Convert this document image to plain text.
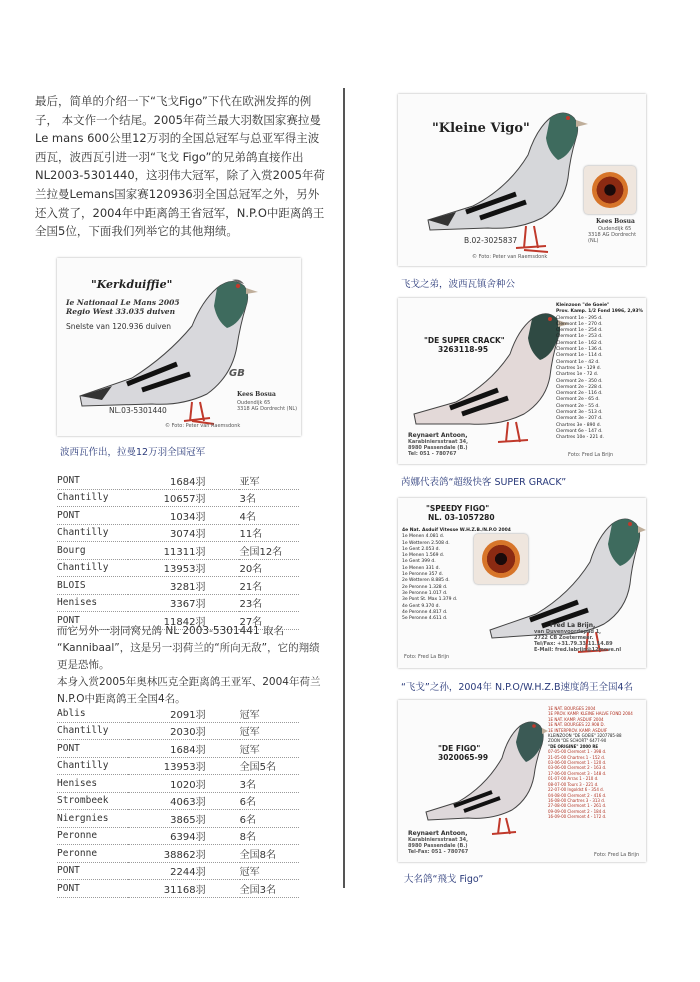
最后，简单的介绍一下“飞戈Figo”下代在欧洲发挥的例子， 本文作一个结尾。2005年荷兰最大羽数国家赛拉曼 Le mans 600公里12万羽的全国总冠军与总亚军得主波西瓦，波西瓦引进一羽“飞戈 Figo”的兄弟鸽直接作出 NL2003-5301440，这羽伟大冠军，除了入赏2005年荷兰拉曼Lemans国家赛120936羽全国总冠军之外，另外还入赏了，2004年中距离鸽王省冠军，N.P.O中距离鸽王全国5位，下面我们列举它的其他翔绩。
"Kerkduiffie"
Ie Nationaal Le Mans 2005
Regio West 33.035 duiven
Snelste van 120.936 duiven
GB
NL.03-5301440
Kees Bosua
Oudendijk 65
3318 AG Dordrecht (NL)
© Foto: Peter van Raemsdonk
波西瓦作出，拉曼12万羽全国冠军
PONT	1684羽	亚军
Chantilly	10657羽	3名
PONT	1034羽	4名
Chantilly	3074羽	11名
Bourg	11311羽	全国12名
Chantilly	13953羽	20名
BLOIS	3281羽	21名
Henises	3367羽	23名
PONT	11842羽	27名
而它另外一羽同窝兄鸽 NL 2003-5301441 取名 “Kannibaal”，这是另一羽荷兰的“所向无敌”，它的翔绩更是恐怖。
本身入赏2005年奥林匹克全距离鸽王亚军、2004年荷兰N.P.O中距离鸽王全国4名。
Ablis	2091羽	冠军
Chantilly	2030羽	冠军
PONT	1684羽	冠军
Chantilly	13953羽	全国5名
Henises	1020羽	3名
Strombeek	4063羽	6名
Niergnies	3865羽	6名
Peronne	6394羽	8名
Peronne	38862羽	全国8名
PONT	2244羽	冠军
PONT	31168羽	全国3名
"Kleine Vigo"
Kees Bosua
Oudendijk 65
3318 AG Dordrecht (NL)
B.02-3025837
© Foto: Peter van Raemsdonk
飞戈之弟，波西瓦镇舍种公
"DE SUPER CRACK"
3263118-95
Kleinzoon "de Goeie"
Prov. Kamp. 1/2 Fond 1996, 2,93%
Clermont 1e - 295 d.
Clermont 1e - 270 d.
Clermont 1e - 254 d.
Clermont 1e - 253 d.
Clermont 1e - 162 d.
Clermont 1e - 136 d.
Clermont 1e - 114 d.
Clermont 1e - 42 d.
Chartres 1e - 129 d.
Chartres 1e - 72 d.
Clermont 2e - 350 d.
Clermont 2e - 228 d.
Clermont 2e - 116 d.
Clermont 2e - 65 d.
Clermont 2e - 55 d.
Clermont 3e - 513 d.
Clermont 3e - 207 d.
Chartres 3e - 890 d.
Clermont 6e - 147 d.
Chartres 10e - 221 d.
Reynaert Antoon,
Karabiniersstraat 34,
8980 Passendale (B.)
Tel: 051 - 780767	Foto: Fred La Brijn
芮娜代表鸽“超级快客 SUPER GRACK”
"SPEEDY FIGO"
NL. 03-1057280
4e Nat. Asduif Vitesse W.H.Z.B./N.P.O 2004
1e Menen 4.081 d.
1e Wetteren 2.508 d.
1e Gent 2.053 d.
1e Menen 1.569 d.
1e Gent 399 d.
1e Menen 331 d.
1e Peronne 357 d.
2e Wetteren 8.885 d.
2e Peronne 1.328 d.
3e Peronne 1.017 d.
3e Pont St. Max 1.379 d.
4e Gent 9.370 d.
4e Peronne 4.817 d.
5e Peronne 4.611 d.
Fred La Brijn,
van Duvenvoordepad 1,
2722 CB Zoetermeer.
Tel/Fax: +31.79.33.11.14.89
E-Mail: fred.labrijn@12move.nl
Foto: Fred La Brijn
“飞戈”之孙，2004年 N.P.O/W.H.Z.B速度鸽王全国4名
"DE FIGO"
3020065-99
1E NAT. BOURGES 2004
1E PROV. KAMP. KLEINE HALVE FOND 2004
1E NAT. KAMP. ASDUIF 2004
1E NAT. BOURGES 22.908 D.
1E INTERPROV. KAMP. ASDUIF
KLEINZOON "DE GOEIE" 3207785-88
ZOON "DE SCHORT" 6477-90
"DE ORIGINE" 2000 RE
07-05-00 Clermont 1 - 398 d.
21-05-00 Chartres 1 - 152 d.
03-06-00 Clermont 1 - 120 d.
03-06-00 Clermont 2 - 163 d.
17-06-00 Clermont 3 - 148 d.
01-07-00 Arras 1 - 210 d.
08-07-00 Tours 3 - 221 d.
22-07-00 Ingoldst 6 - 354 d.
04-08-00 Clermont 2 - 416 d.
16-08-00 Chartres 3 - 313 d.
27-08-00 Clermont 1 - 261 d.
09-09-00 Clermont 2 - 184 d.
16-09-00 Clermont 4 - 172 d.
Reynaert Antoon,
Karabiniersstraat 34,
8980 Passendale (B.)
Tel-Fax: 051 - 780767	Foto: Fred La Brijn
大名鸽“飛戈 Figo”
